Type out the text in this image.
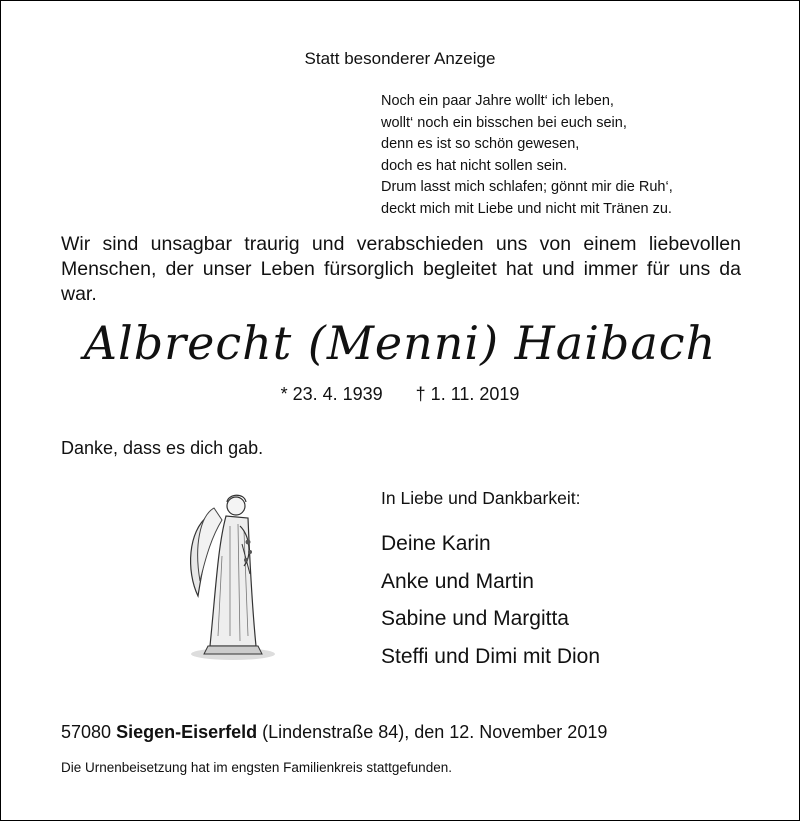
Statt besonderer Anzeige
Noch ein paar Jahre wollt‘ ich leben,
wollt‘ noch ein bisschen bei euch sein,
denn es ist so schön gewesen,
doch es hat nicht sollen sein.
Drum lasst mich schlafen; gönnt mir die Ruh‘,
deckt mich mit Liebe und nicht mit Tränen zu.
Wir sind unsagbar traurig und verabschieden uns von einem liebevollen Menschen, der unser Leben fürsorglich begleitet hat und immer für uns da war.
Albrecht (Menni) Haibach
* 23. 4. 1939 † 1. 11. 2019
Danke, dass es dich gab.
In Liebe und Dankbarkeit:
Deine Karin
Anke und Martin
Sabine und Margitta
Steffi und Dimi mit Dion
57080 Siegen-Eiserfeld (Lindenstraße 84), den 12. November 2019
Die Urnenbeisetzung hat im engsten Familienkreis stattgefunden.
